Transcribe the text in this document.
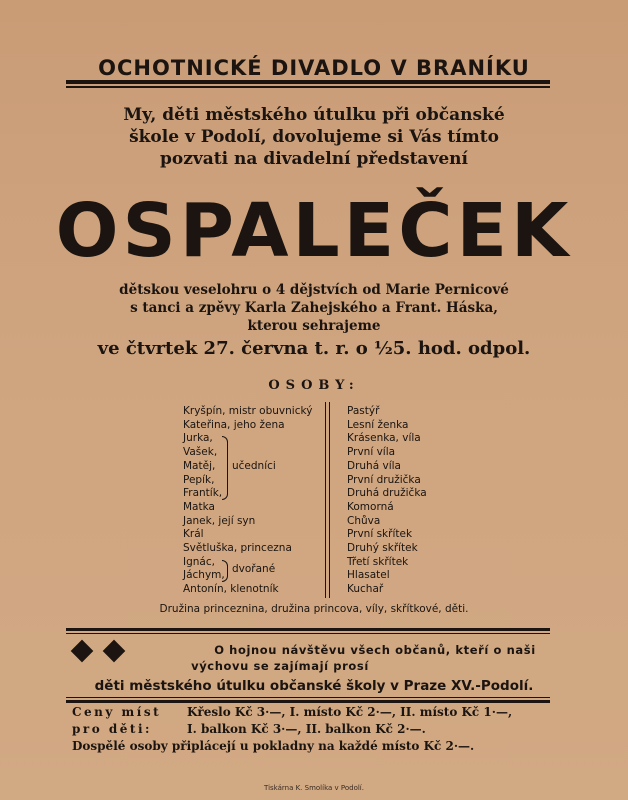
OCHOTNICKÉ DIVADLO V BRANÍKU
My, děti městského útulku při občanské
škole v Podolí, dovolujeme si Vás tímto
pozvati na divadelní představení
OSPALEČEK
dětskou veselohru o 4 dějstvích od Marie Pernicové
s tanci a zpěvy Karla Zahejského a Frant. Háska,
kterou sehrajeme
ve čtvrtek 27. června t. r. o ½5. hod. odpol.
OSOBY:
Kryšpín, mistr obuvnický
Kateřina, jeho žena
Jurka,
Vašek,
Matěj,
Pepík,
Frantík,
Matka
Janek, její syn
Král
Světluška, princezna
Ignác,
Jáchym,
Antonín, klenotník
učedníci
dvořané
Pastýř
Lesní ženka
Krásenka, víla
První víla
Druhá víla
První družička
Druhá družička
Komorná
Chůva
První skřítek
Druhý skřítek
Třetí skřítek
Hlasatel
Kuchař
Družina princeznina, družina princova, víly, skřítkové, děti.
O hojnou návštěvu všech občanů, kteří o naši
výchovu se zajímají prosí
děti městského útulku občanské školy v Praze XV.-Podolí.
Ceny míst
pro děti:
Křeslo Kč 3·—, I. místo Kč 2·—, II. místo Kč 1·—,
I. balkon Kč 3·—, II. balkon Kč 2·—.
Dospělé osoby připlácejí u pokladny na každé místo Kč 2·—.
Tiskárna K. Smolíka v Podolí.
